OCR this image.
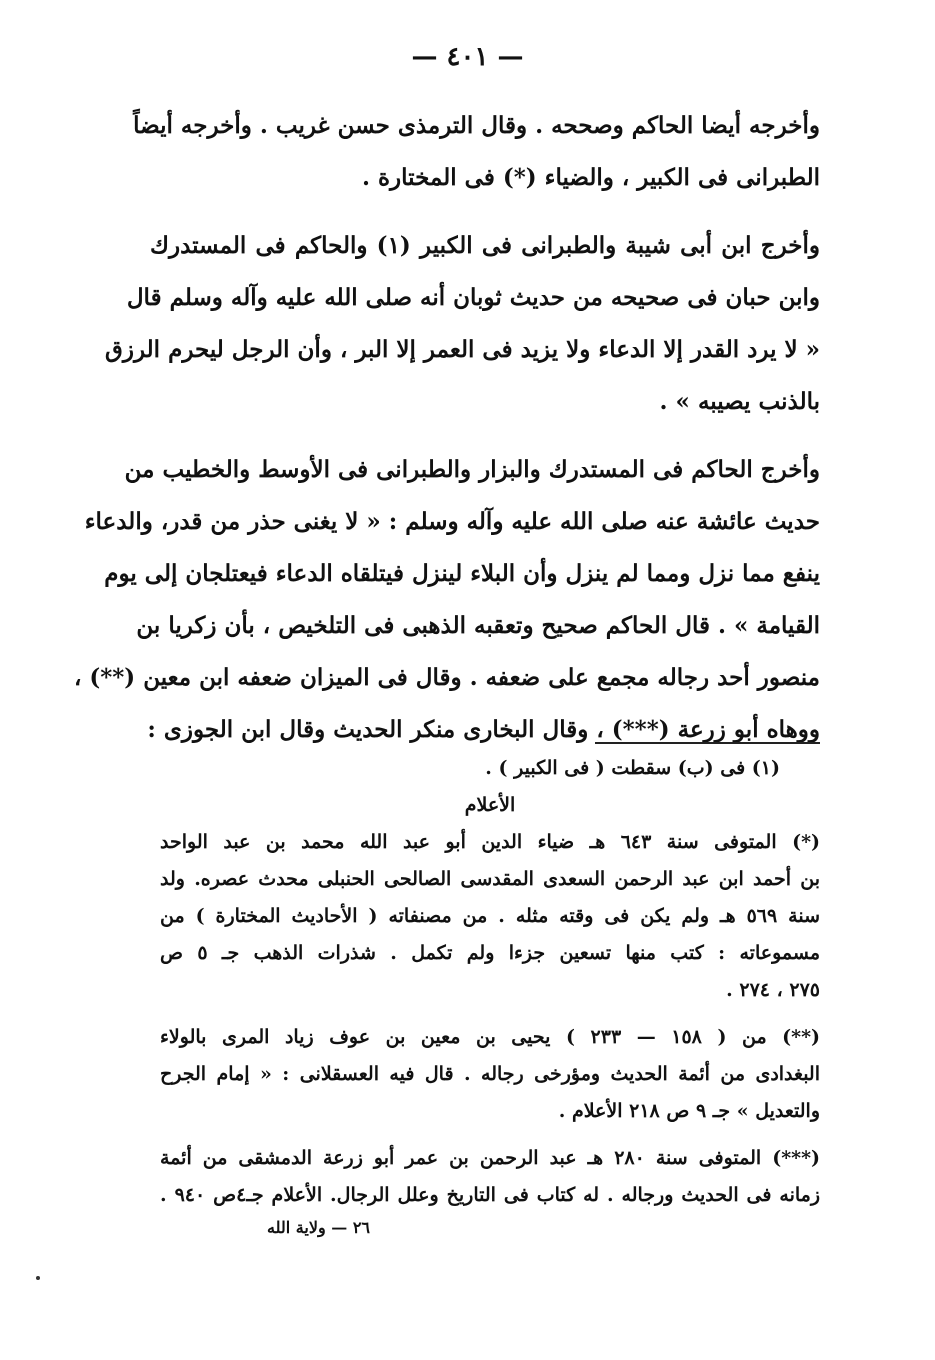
— ٤٠١ —
وأخرجه أيضا الحاكم وصححه . وقال الترمذى حسن غريب . وأخرجه أيضاً
الطبرانى فى الكبير ، والضياء (*) فى المختارة .
وأخرج ابن أبى شيبة والطبرانى فى الكبير (١) والحاكم فى المستدرك
وابن حبان فى صحيحه من حديث ثوبان أنه صلى الله عليه وآله وسلم قال
« لا يرد القدر إلا الدعاء ولا يزيد فى العمر إلا البر ، وأن الرجل ليحرم الرزق
بالذنب يصيبه » .
وأخرج الحاكم فى المستدرك والبزار والطبرانى فى الأوسط والخطيب من
حديث عائشة عنه صلى الله عليه وآله وسلم : « لا يغنى حذر من قدر، والدعاء
ينفع مما نزل ومما لم ينزل وأن البلاء لينزل فيتلقاه الدعاء فيعتلجان إلى يوم
القيامة » . قال الحاكم صحيح وتعقبه الذهبى فى التلخيص ، بأن زكريا بن
منصور أحد رجاله مجمع على ضعفه . وقال فى الميزان ضعفه ابن معين (**) ،
ووهاه أبو زرعة (***) ، وقال البخارى منكر الحديث وقال ابن الجوزى :
(١) فى (ب) سقطت ( فى الكبير ) .
الأعلام
(*) المتوفى سنة ٦٤٣ هـ ضياء الدين أبو عبد الله محمد بن عبد الواحد
بن أحمد ابن عبد الرحمن السعدى المقدسى الصالحى الحنبلى محدث عصره. ولد
سنة ٥٦٩ هـ ولم يكن فى وقته مثله . من مصنفاته ( الأحاديث المختارة ) من
مسموعاته : كتب منها تسعين جزءا ولم تكمل . شذرات الذهب جـ ٥ ص
٢٧٥ ، ٢٧٤ .
(**) من ( ١٥٨ — ٢٣٣ ) يحيى بن معين بن عوف زياد المرى بالولاء
البغدادى من أئمة الحديث ومؤرخى رجاله . قال فيه العسقلانى : « إمام الجرح
والتعديل » جـ ٩ ص ٢١٨ الأعلام .
(***) المتوفى سنة ٢٨٠ هـ عبد الرحمن بن عمر أبو زرعة الدمشقى من أئمة
زمانه فى الحديث ورجاله . له كتاب فى التاريخ وعلل الرجال. الأعلام جـ٤ص ٩٤٠ .
٢٦ — ولاية الله
